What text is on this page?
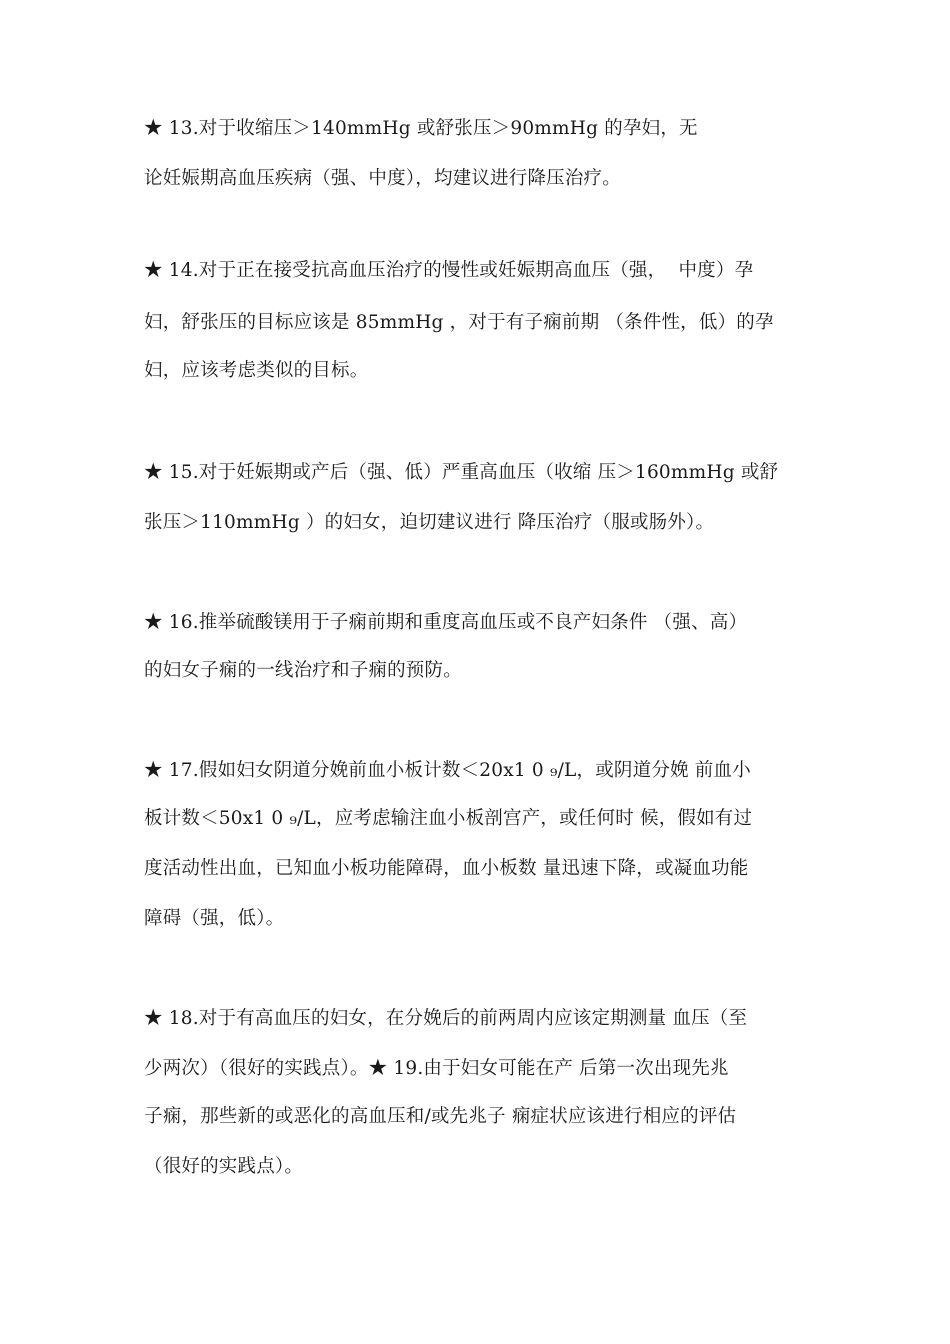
★ 13.对于收缩压＞140mmHg 或舒张压＞90mmHg 的孕妇，无
论妊娠期高血压疾病（强、中度），均建议进行降压治疗。
★ 14.对于正在接受抗高血压治疗的慢性或妊娠期高血压（强，  中度）孕
妇，舒张压的目标应该是 85mmHg ，对于有子痫前期 （条件性，低）的孕
妇，应该考虑类似的目标。
★ 15.对于妊娠期或产后（强、低）严重高血压（收缩 压＞160mmHg 或舒
张压＞110mmHg ）的妇女，迫切建议进行 降压治疗（服或肠外）。
★ 16.推举硫酸镁用于子痫前期和重度高血压或不良产妇条件 （强、高）
的妇女子痫的一线治疗和子痫的预防。
★ 17.假如妇女阴道分娩前血小板计数＜20x1 0 ₉/L，或阴道分娩 前血小
板计数＜50x1 0 ₉/L，应考虑输注血小板剖宫产，或任何时 候，假如有过
度活动性出血，已知血小板功能障碍，血小板数 量迅速下降，或凝血功能
障碍（强，低）。
★ 18.对于有高血压的妇女，在分娩后的前两周内应该定期测量 血压（至
少两次）（很好的实践点）。★ 19.由于妇女可能在产 后第一次出现先兆
子痫，那些新的或恶化的高血压和/或先兆子 痫症状应该进行相应的评估
（很好的实践点）。
